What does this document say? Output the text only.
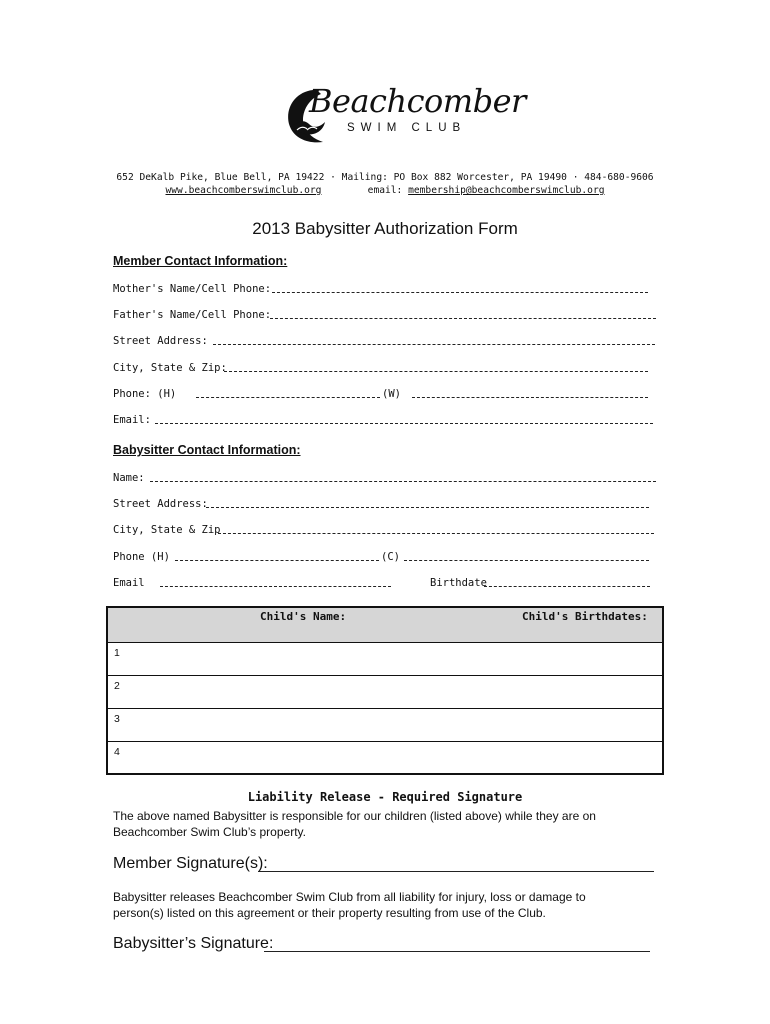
Beachcomber
SWIM CLUB
652 DeKalb Pike, Blue Bell, PA 19422 · Mailing: PO Box 882 Worcester, PA 19490 · 484-680-9606
www.beachcomberswimclub.org	email: membership@beachcomberswimclub.org
2013 Babysitter Authorization Form
Member Contact Information:
Mother's Name/Cell Phone:
Father's Name/Cell Phone:
Street Address:
City, State & Zip:
Phone: (H)	(W)
Email:
Babysitter Contact Information:
Name:
Street Address:
City, State & Zip
Phone (H)	(C)
Email	Birthdate
Child's Name:	Child's Birthdates:
1
2
3
4
Liability Release - Required Signature
The above named Babysitter is responsible for our children (listed above) while they are on
Beachcomber Swim Club’s property.
Member Signature(s):
Babysitter releases Beachcomber Swim Club from all liability for injury, loss or damage to
person(s) listed on this agreement or their property resulting from use of the Club.
Babysitter’s Signature:
